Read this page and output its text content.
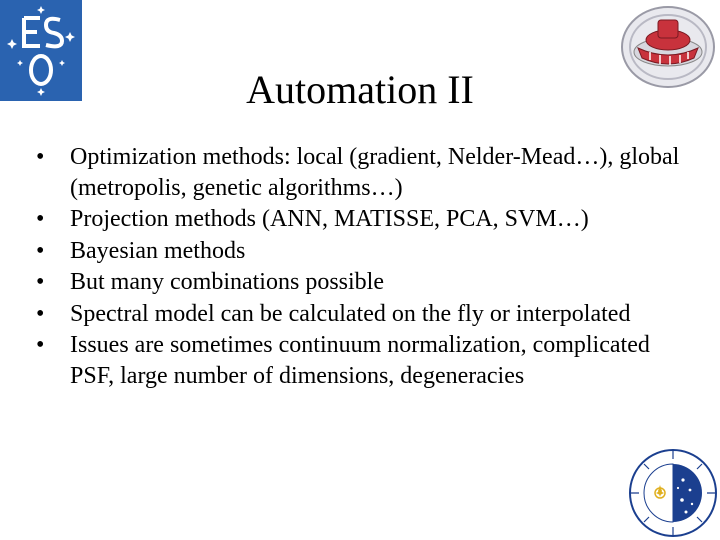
Automation II
• Optimization methods: local (gradient, Nelder-Mead…), global (metropolis, genetic algorithms…)
• Projection methods (ANN, MATISSE, PCA, SVM…)
• Bayesian methods
• But many combinations possible
• Spectral model can be calculated on the fly or interpolated
• Issues are sometimes continuum normalization, complicated PSF, large number of dimensions, degeneracies
